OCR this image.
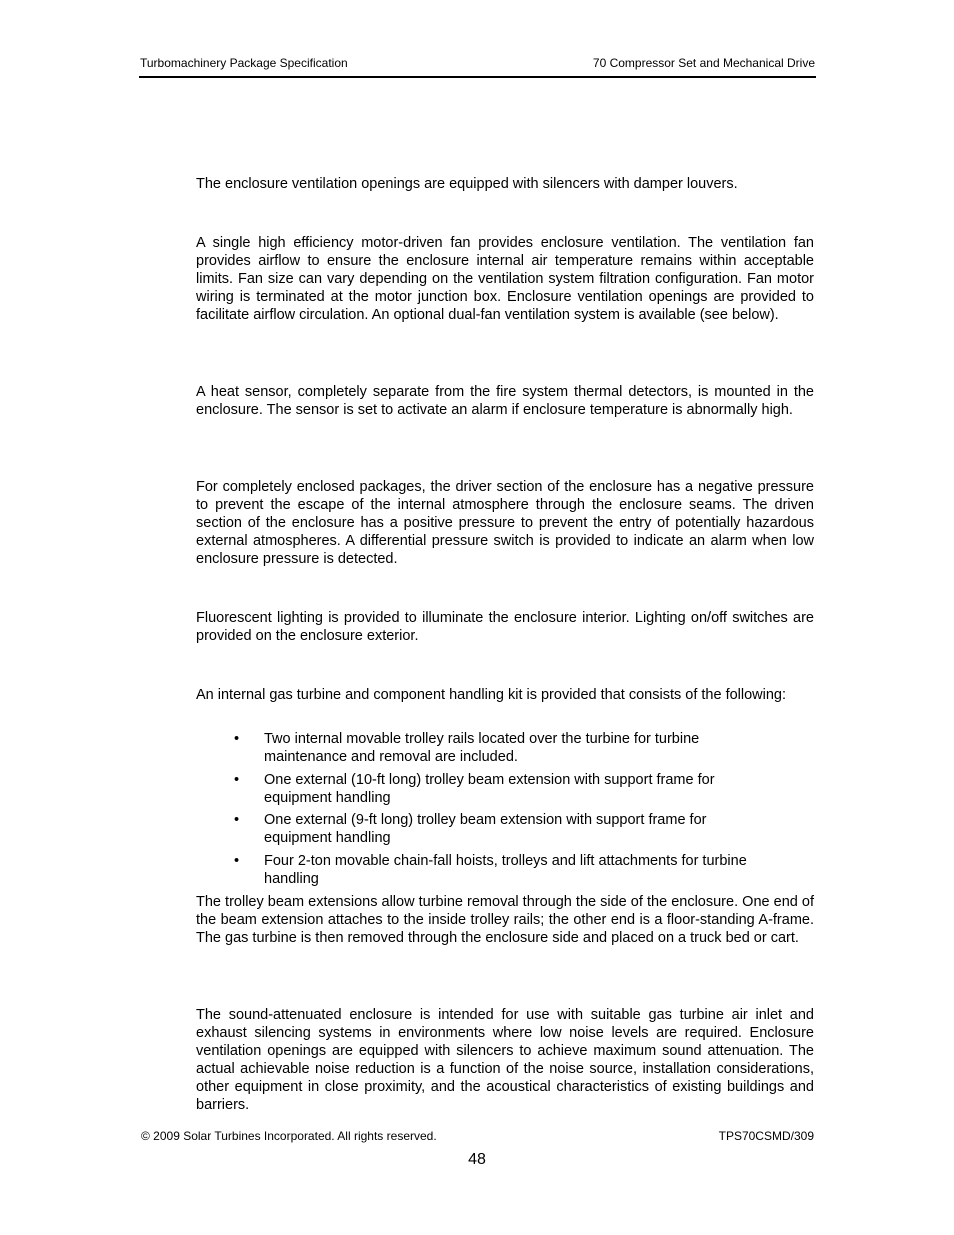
Turbomachinery Package Specification	70 Compressor Set and Mechanical Drive

The enclosure ventilation openings are equipped with silencers with damper louvers.

A single high efficiency motor-driven fan provides enclosure ventilation. The ventilation fan provides airflow to ensure the enclosure internal air temperature remains within acceptable limits. Fan size can vary depending on the ventilation system filtration configuration. Fan motor wiring is terminated at the motor junction box. Enclosure ventilation openings are provided to facilitate airflow circulation. An optional dual-fan ventilation system is available (see below).

A heat sensor, completely separate from the fire system thermal detectors, is mounted in the enclosure. The sensor is set to activate an alarm if enclosure temperature is abnormally high.

For completely enclosed packages, the driver section of the enclosure has a negative pressure to prevent the escape of the internal atmosphere through the enclosure seams. The driven section of the enclosure has a positive pressure to prevent the entry of potentially hazardous external atmospheres. A differential pressure switch is provided to indicate an alarm when low enclosure pressure is detected.

Fluorescent lighting is provided to illuminate the enclosure interior. Lighting on/off switches are provided on the enclosure exterior.

An internal gas turbine and component handling kit is provided that consists of the following:

• Two internal movable trolley rails located over the turbine for turbine maintenance and removal are included.
• One external (10-ft long) trolley beam extension with support frame for equipment handling
• One external (9-ft long) trolley beam extension with support frame for equipment handling
• Four 2-ton movable chain-fall hoists, trolleys and lift attachments for turbine handling

The trolley beam extensions allow turbine removal through the side of the enclosure. One end of the beam extension attaches to the inside trolley rails; the other end is a floor-standing A-frame. The gas turbine is then removed through the enclosure side and placed on a truck bed or cart.

The sound-attenuated enclosure is intended for use with suitable gas turbine air inlet and exhaust silencing systems in environments where low noise levels are required. Enclosure ventilation openings are equipped with silencers to achieve maximum sound attenuation. The actual achievable noise reduction is a function of the noise source, installation considerations, other equipment in close proximity, and the acoustical characteristics of existing buildings and barriers.

© 2009 Solar Turbines Incorporated. All rights reserved.	TPS70CSMD/309
48
